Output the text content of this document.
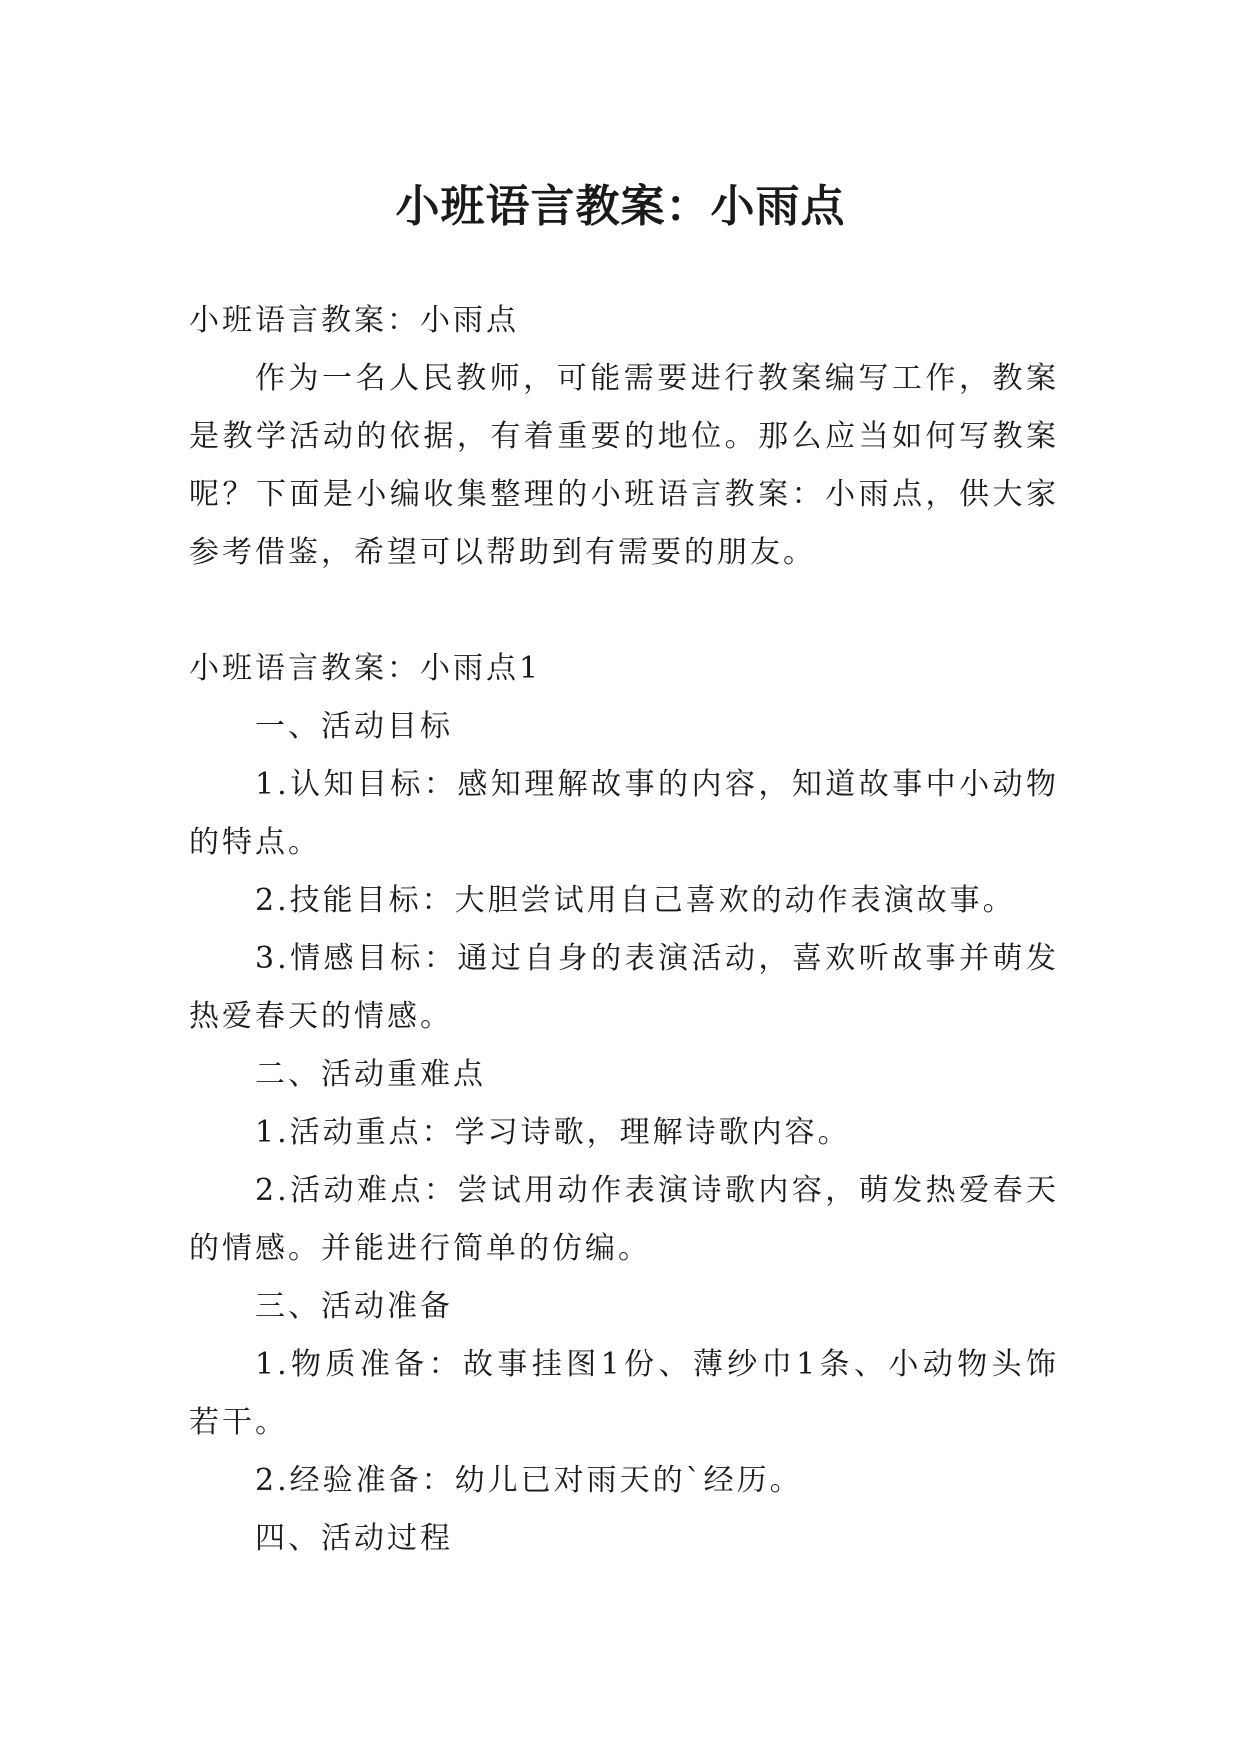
小班语言教案：小雨点

小班语言教案：小雨点

作为一名人民教师，可能需要进行教案编写工作，教案是教学活动的依据，有着重要的地位。那么应当如何写教案呢？下面是小编收集整理的小班语言教案：小雨点，供大家参考借鉴，希望可以帮助到有需要的朋友。

小班语言教案：小雨点1

一、活动目标

1.认知目标：感知理解故事的内容，知道故事中小动物的特点。

2.技能目标：大胆尝试用自己喜欢的动作表演故事。

3.情感目标：通过自身的表演活动，喜欢听故事并萌发热爱春天的情感。

二、活动重难点

1.活动重点：学习诗歌，理解诗歌内容。

2.活动难点：尝试用动作表演诗歌内容，萌发热爱春天的情感。并能进行简单的仿编。

三、活动准备

1.物质准备：故事挂图1份、薄纱巾1条、小动物头饰若干。

2.经验准备：幼儿已对雨天的`经历。

四、活动过程
